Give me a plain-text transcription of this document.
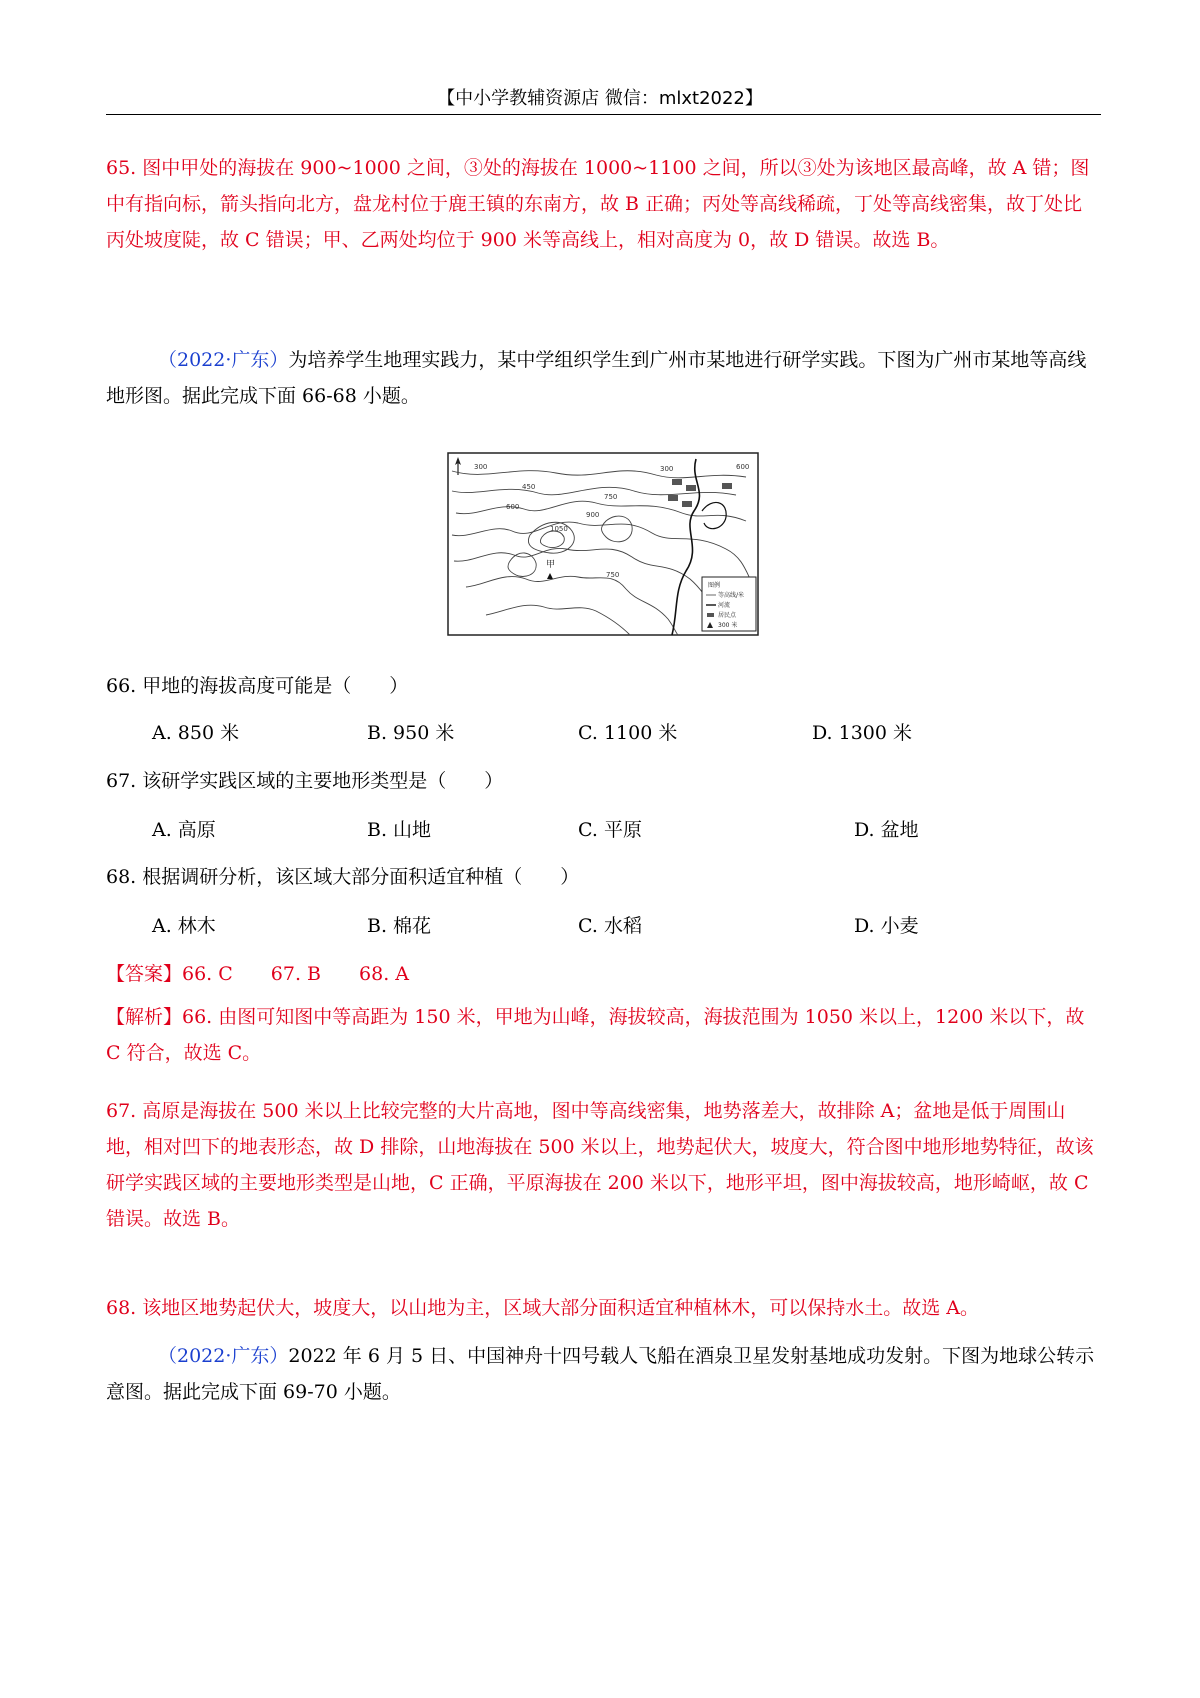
【中小学教辅资源店 微信：mlxt2022】

65. 图中甲处的海拔在 900~1000 之间，③处的海拔在 1000~1100 之间，所以③处为该地区最高峰，故 A 错；图中有指向标，箭头指向北方，盘龙村位于鹿王镇的东南方，故 B 正确；丙处等高线稀疏，丁处等高线密集，故丁处比丙处坡度陡，故 C 错误；甲、乙两处均位于 900 米等高线上，相对高度为 0，故 D 错误。故选 B。

（2022·广东）为培养学生地理实践力，某中学组织学生到广州市某地进行研学实践。下图为广州市某地等高线地形图。据此完成下面 66-68 小题。

300
450
600
750
900
1050
300	600
750
甲
图例
等高线/米
河流
居民点
300 米
66. 甲地的海拔高度可能是（　　）
A. 850 米	B. 950 米	C. 1100 米	D. 1300 米
67. 该研学实践区域的主要地形类型是（　　）
A. 高原	B. 山地	C. 平原	D. 盆地
68. 根据调研分析，该区域大部分面积适宜种植（　　）
A. 林木	B. 棉花	C. 水稻	D. 小麦
【答案】66. C　　67. B　　68. A

【解析】66. 由图可知图中等高距为 150 米，甲地为山峰，海拔较高，海拔范围为 1050 米以上，1200 米以下，故 C 符合，故选 C。

67. 高原是海拔在 500 米以上比较完整的大片高地，图中等高线密集，地势落差大，故排除 A；盆地是低于周围山地，相对凹下的地表形态，故 D 排除，山地海拔在 500 米以上，地势起伏大，坡度大，符合图中地形地势特征，故该研学实践区域的主要地形类型是山地，C 正确，平原海拔在 200 米以下，地形平坦，图中海拔较高，地形崎岖，故 C 错误。故选 B。

68. 该地区地势起伏大，坡度大，以山地为主，区域大部分面积适宜种植林木，可以保持水土。故选 A。

（2022·广东）2022 年 6 月 5 日、中国神舟十四号载人飞船在酒泉卫星发射基地成功发射。下图为地球公转示意图。据此完成下面 69-70 小题。
